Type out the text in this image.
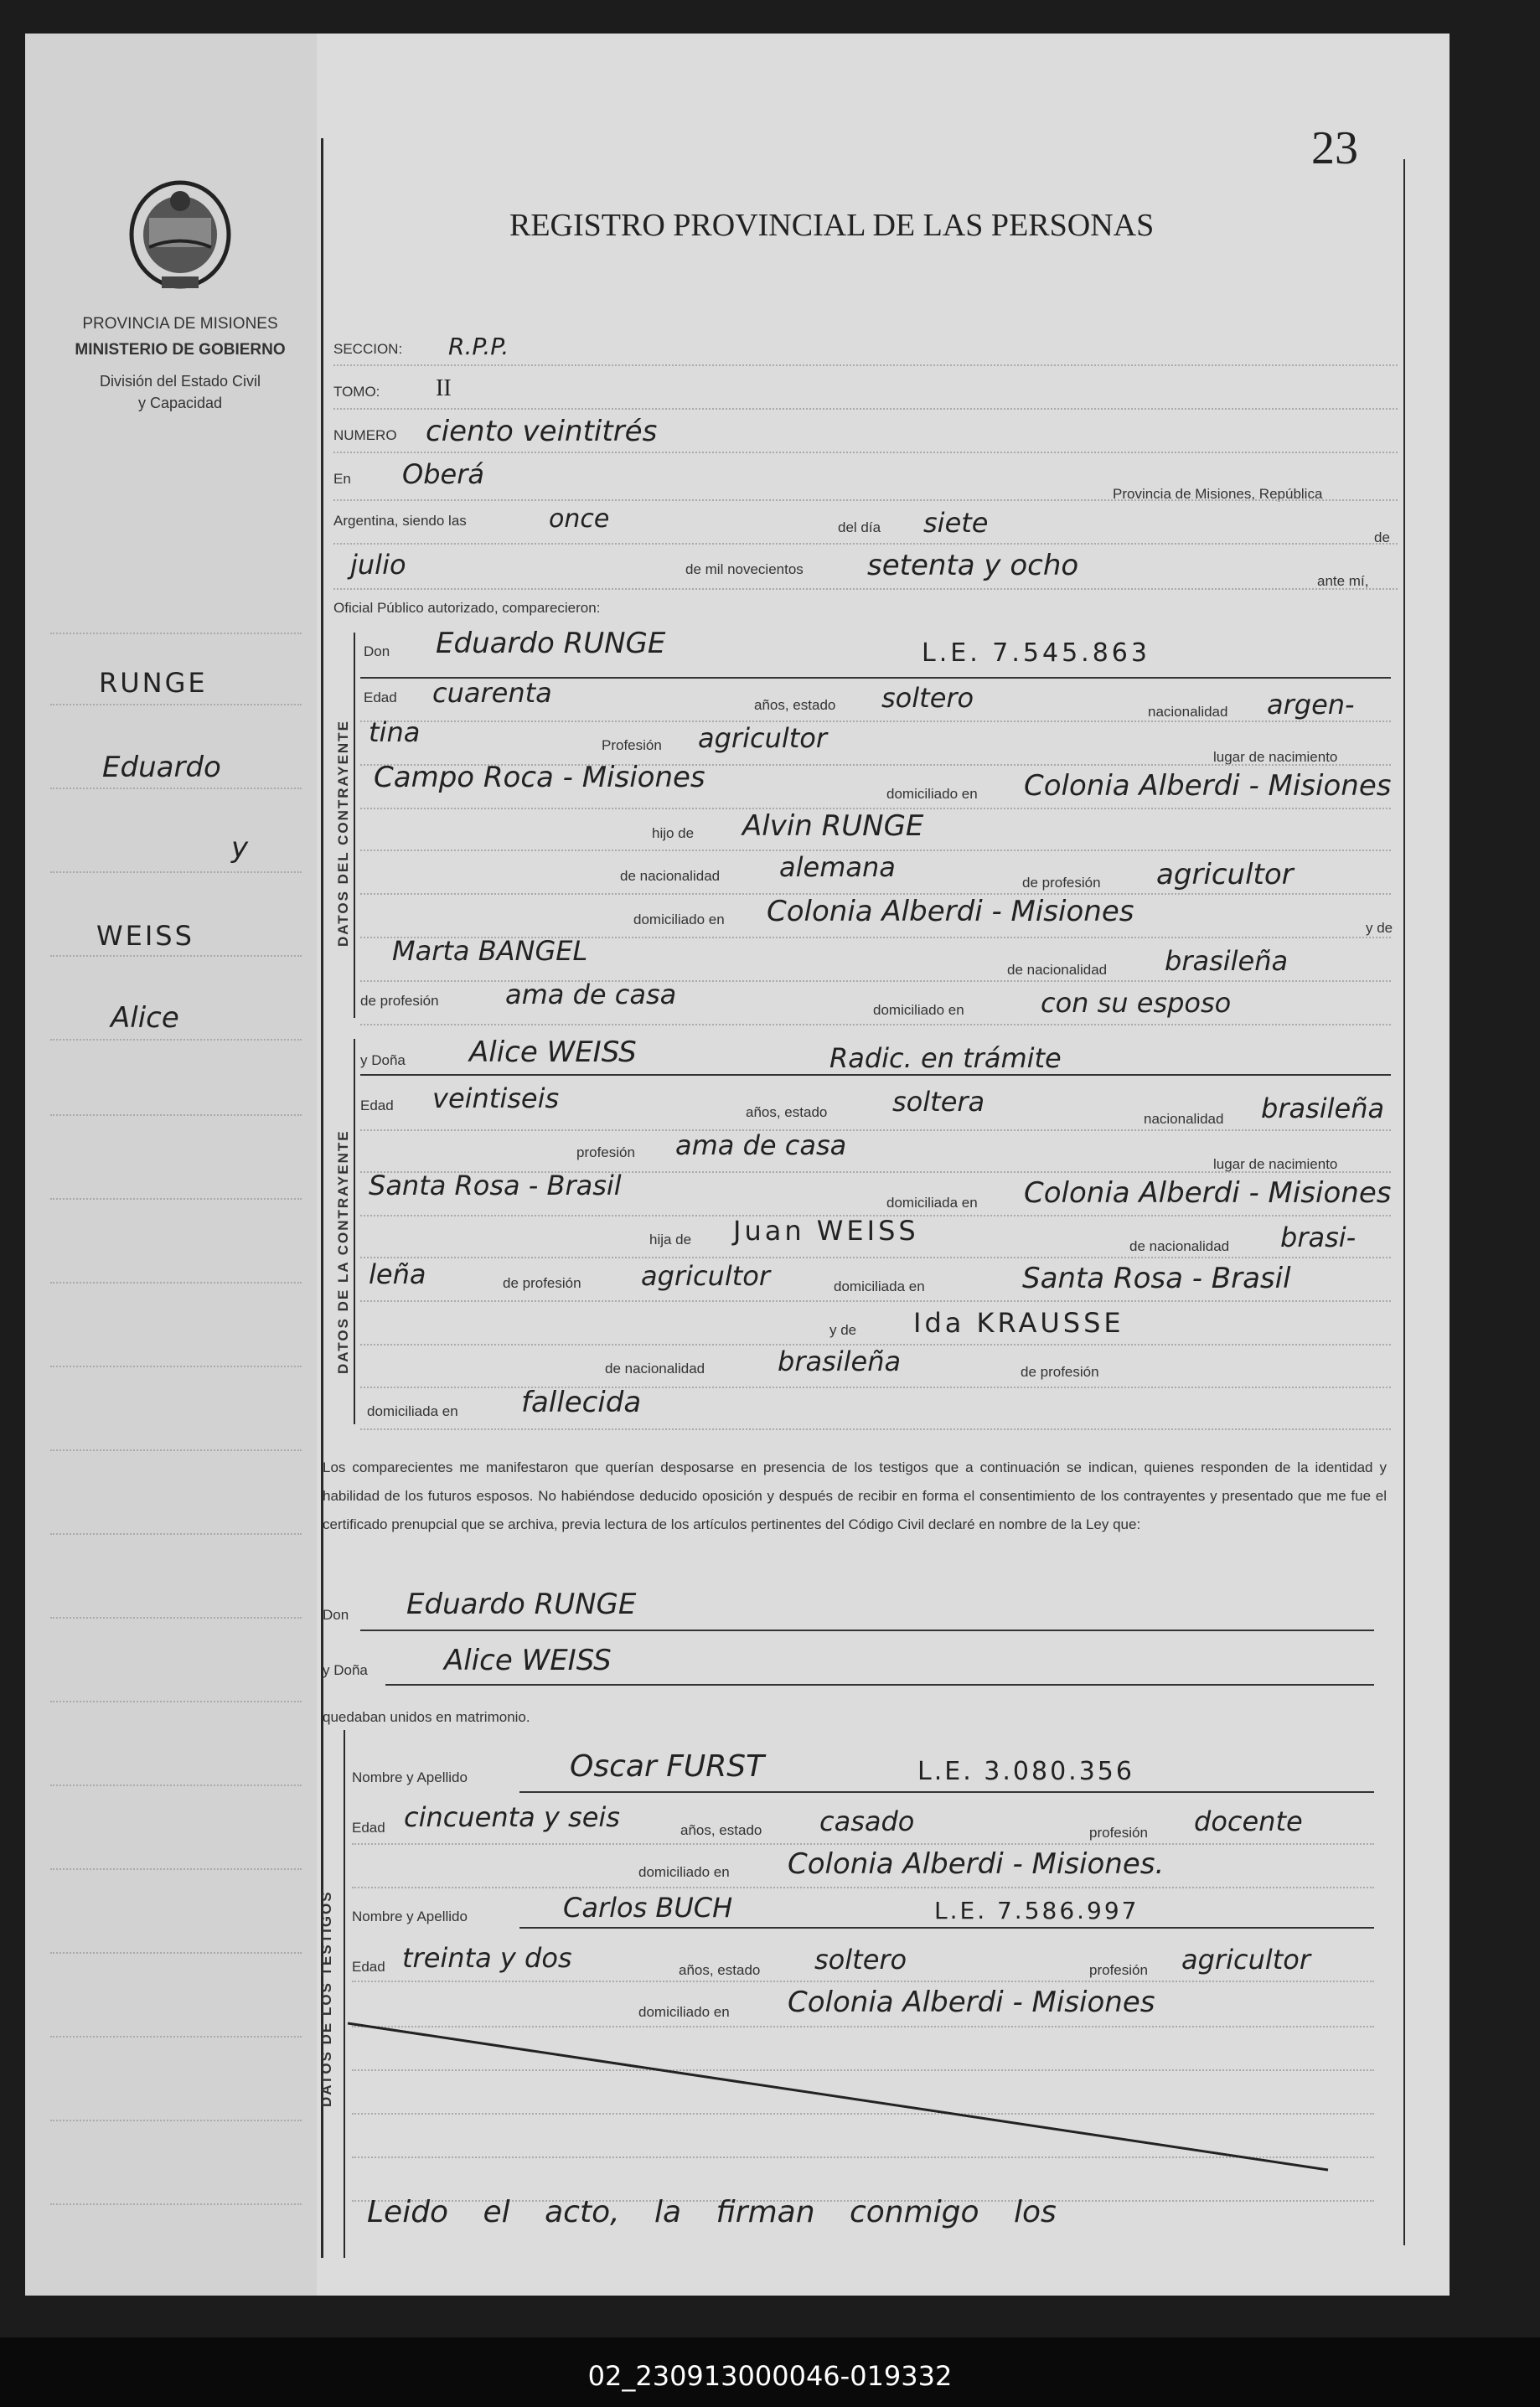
23
REGISTRO PROVINCIAL DE LAS PERSONAS
PROVINCIA DE MISIONES
MINISTERIO DE GOBIERNO
División del Estado Civil
y Capacidad
RUNGE
Eduardo
y
WEISS
Alice
SECCION: R.P.P.
TOMO: II
NUMERO ciento veintitrés
En Oberá
Provincia de Misiones, República
Argentina, siendo las	once	del día siete	de
julio	de mil novecientos setenta y ocho	ante mí,
Oficial Público autorizado, comparecieron:
DATOS DEL CONTRAYENTE
Don Eduardo RUNGE	L.E. 7.545.863
Edad cuarenta	años, estado soltero	nacionalidad argen-
tina	Profesión agricultor
lugar de nacimiento
Campo Roca - Misiones	domiciliado en Colonia Alberdi - Misiones
hijo de Alvin RUNGE
de nacionalidad alemana	de profesión agricultor
domiciliado en Colonia Alberdi - Misiones	y de
Marta BANGEL
de nacionalidad brasileña
de profesión ama de casa	domiciliado en	con su esposo
DATOS DE LA CONTRAYENTE
y Doña Alice WEISS	Radic. en trámite
Edad veintiseis	años, estado soltera
nacionalidad brasileña
profesión ama de casa
lugar de nacimiento
Santa Rosa - Brasil
domiciliada en Colonia Alberdi - Misiones
hija de Juan WEISS	de nacionalidad brasi-
leña	de profesión agricultor	domiciliada en	Santa Rosa - Brasil
y de Ida KRAUSSE
de nacionalidad	brasileña	de profesión
domiciliada en fallecida
Los comparecientes me manifestaron que querían desposarse en presencia de los testigos que a continuación se indican, quienes responden de la identidad y habilidad de los futuros esposos. No habiéndose deducido oposición y después de recibir en forma el consentimiento de los contrayentes y presentado que me fue el certificado prenupcial que se archiva, previa lectura de los artículos pertinentes del Código Civil declaré en nombre de la Ley que:
Don Eduardo RUNGE
y Doña	Alice WEISS
quedaban unidos en matrimonio.
DATOS DE LOS TESTIGOS
Nombre y Apellido	Oscar FURST	L.E. 3.080.356
Edad cincuenta y seis	años, estado casado	profesión docente
domiciliado en Colonia Alberdi - Misiones.
Nombre y Apellido	Carlos BUCH	L.E. 7.586.997
Edad treinta y dos	años, estado soltero	profesión agricultor
domiciliado en Colonia Alberdi - Misiones
Leido el acto, la firman conmigo los
02_230913000046-019332
